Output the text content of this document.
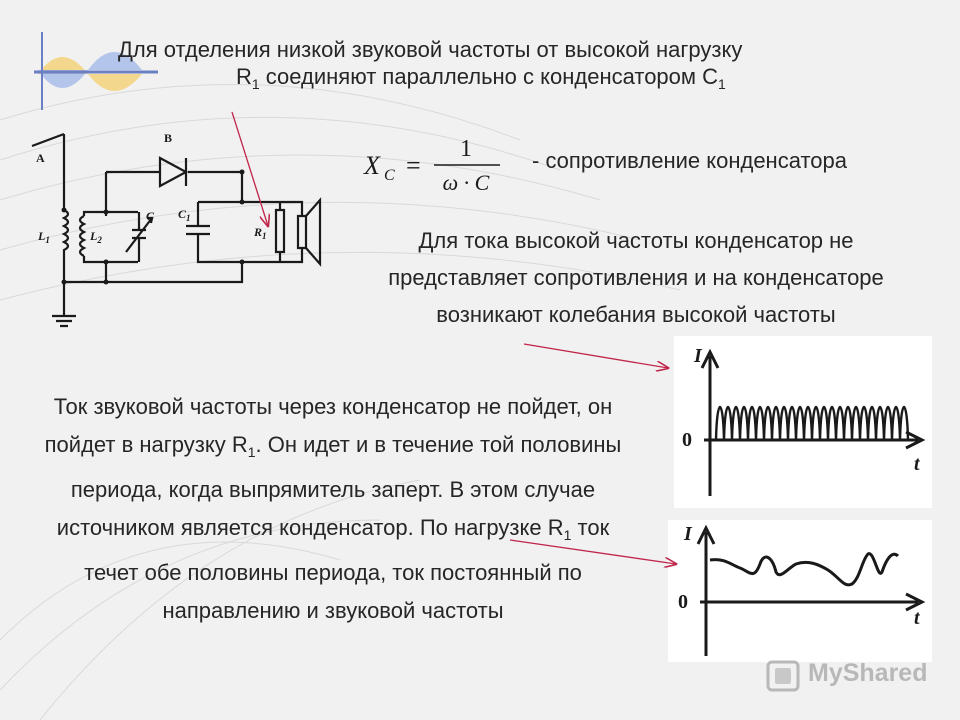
Для отделения низкой звуковой частоты от высокой нагрузку
$R_1$ соединяют параллельно с конденсатором $С_1$
X C =
1
ω · C
- сопротивление конденсатора
Для тока высокой частоты конденсатор не представляет сопротивления и на конденсаторе возникают колебания высокой частоты
Ток звуковой частоты через конденсатор не пойдет, он пойдет в нагрузку $R_1$. Он идет и в течение той половины периода, когда выпрямитель заперт. В этом случае источником является конденсатор. По нагрузке $R_1$ ток течет обе половины периода, ток постоянный по направлению и звуковой частоты
A
B
$L_1$	$L_2$
C $C_1$
$R_1$
I
0
t
I
0
t
MyShared
